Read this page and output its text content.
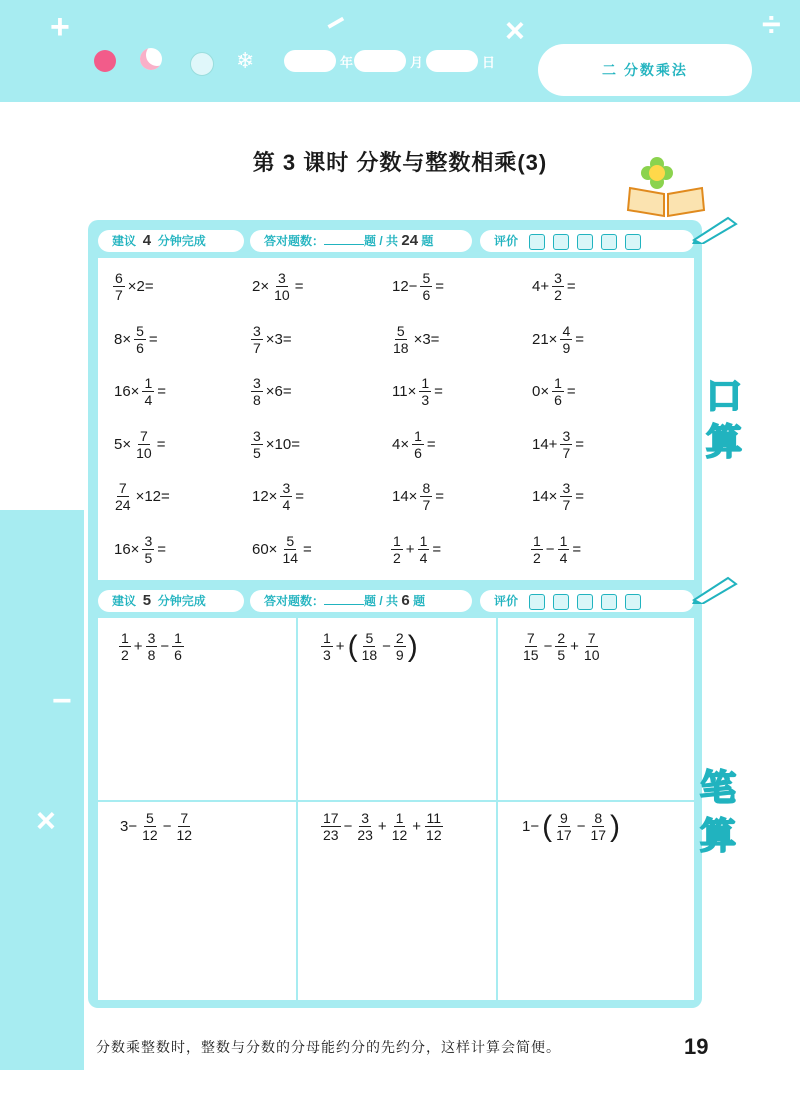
+	−	×	÷
❄	年	月	日	二 分数乘法
−
×
第 3 课时 分数与整数相乘(3)
建议 4 分钟完成	答对题数：	题 / 共 24 题	评价
$\frac{6}{7} \times 2=$	$2\times \frac{3}{10}$ =	$12- \frac{5}{6}$ =	$4+ \frac{3}{2}$ =
$8\times \frac{5}{6}$ =	$\frac{3}{7} \times 3=$	$\frac{5}{18} \times 3=$	$21\times \frac{4}{9}$ =
$16\times \frac{1}{4}$ =	$\frac{3}{8} \times 6=$	$11\times \frac{1}{3}$ =	$0\times \frac{1}{6}$ =
$5\times \frac{7}{10}$ =	$\frac{3}{5} \times 10=$	$4\times \frac{1}{6}$ =	$14+ \frac{3}{7}$ =
$\frac{7}{24} \times 12=$	$12\times \frac{3}{4}$ =	$14\times \frac{8}{7}$ =	$14\times \frac{3}{7}$ =
$16\times \frac{3}{5}$ =	$60\times \frac{5}{14}$ =	$\frac{1}{2} + \frac{1}{4}$ =	$\frac{1}{2} - \frac{1}{4}$ =
口
算
建议 5 分钟完成	答对题数：	题 / 共 6 题	评价
$\frac{1}{2} + \frac{3}{8} - \frac{1}{6}$	$\frac{1}{3}$ + ( $\frac{5}{18} - \frac{2}{9}$ )	$\frac{7}{15} - \frac{2}{5} + \frac{7}{10}$
$3- \frac{5}{12} - \frac{7}{12}$	$\frac{17}{23} - \frac{3}{23} + \frac{1}{12} + \frac{11}{12}$	1− ( $\frac{9}{17} - \frac{8}{17}$ )
笔
算
分数乘整数时，整数与分数的分母能约分的先约分，这样计算会简便。	19
